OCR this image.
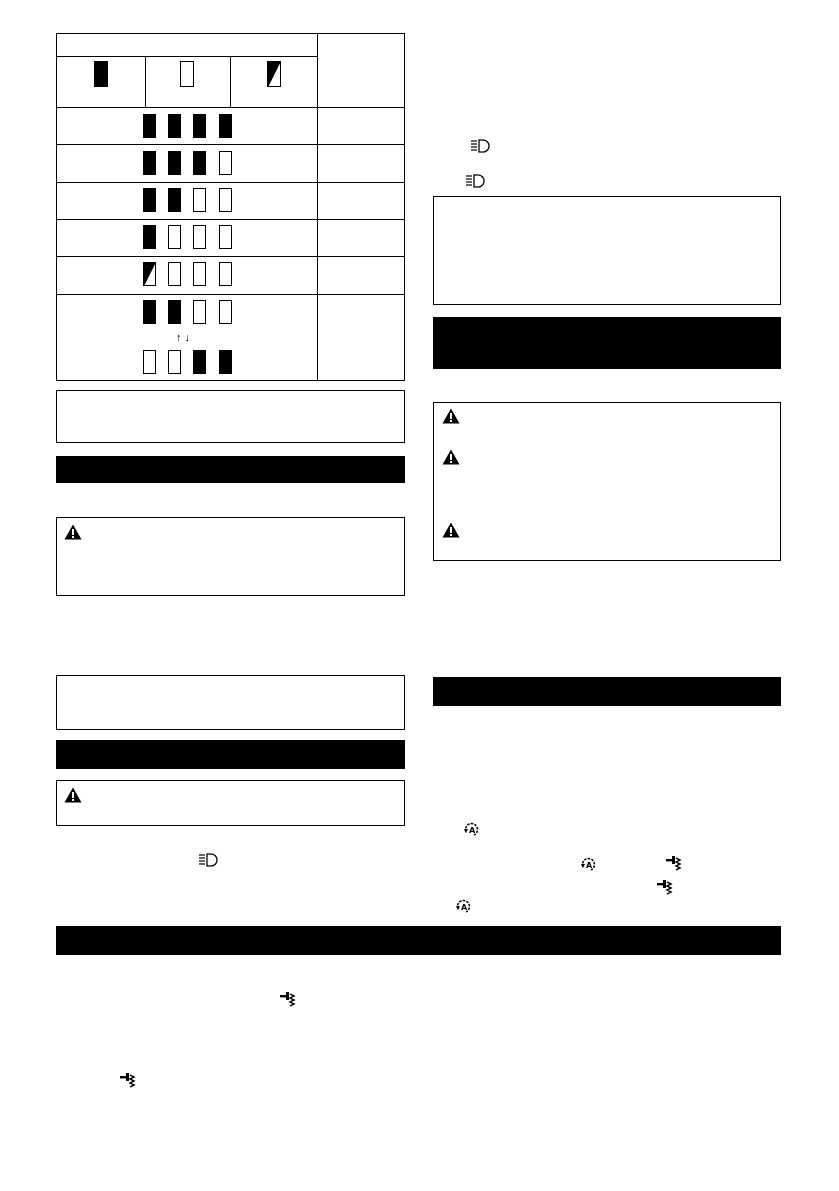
↑ ↓
A
A
A
